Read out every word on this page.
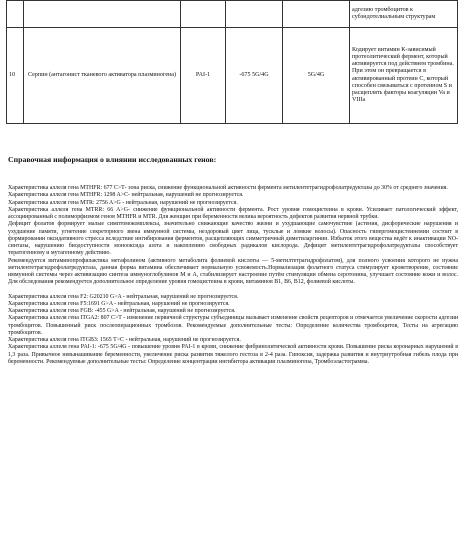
					адгезию тромбоцитов к субэндотелиальным структурам
10	Серпин (антагонист тканевого активатора плазминогена)	PAI-1	-675 5G/4G	5G/4G	Кодирует витамин К-зависимый протеолитический фермент, который активируется под действием тромбина. При этом он превращается в активированный протеин С, который способен связываться с протеином S и расщеплять факторы коагуляции Va и VIIIa
Справочная информация о влиянии исследованных генов:

Характеристика аллеля гена MTHFR: 677 С>Т- зона риска, снижение функциональной активности фермента метилентетрагидрофолатредуктазы до 30% от среднего значения.

Характеристика аллеля гена MTHFR: 1298 A>C- нейтральная, нарушений не прогнозируется.

Характеристика аллеля гена MTR: 2756 A>G - нейтральная, нарушений не прогнозируется.

Характеристика аллеля гена MTRR: 66 A>G- снижение функциональной активности фермента. Рост уровня гомоцистеина в крови. Усиливает патологический эффект, ассоциированный с полиморфизмом генов MTHFR и MTR. Для женщин при беременности велика вероятность дефектов развития нервной трубки.

Дефицит фолатов формирует малые симптомокомплексы, значительно снижающие качество жизни и ухудшающие самочувствие (астения, дисфорические нарушения и ухудшение памяти, угнетение секреторного звена иммунной системы, нездоровый цвет лица, тусклые и ломкие волосы). Опасность гипергомоцистеинемии состоит в формировании оксидативного стресса вследствие ингибирования ферментов, расщепляющих симметричный диметиларгинин. Избыток этого вещества ведёт к инактивации NO-синтазы, нарушению биодоступности монооксида азота и накоплению свободных радикалов кислорода. Дефицит метилентетрагидрофолатредуктазы способствует тератогенному и мутагенному действию.

Рекомендуется витаминопрофилактика метафолином (активного метаболита фолиевой кислоты — 5-метилтетрагидрофолатом), для полного усвоения которого не нужна метилентетрагидрофолатредуктаза, данная форма витамина обеспечивает нормальную усвояемость.Нормализация фолатного статуса стимулирует кроветворение, состояние иммунной системы через активизацию синтеза иммуноглобулинов М и А, стабилизирует настроение путём стимуляции обмена серотонина, улучшает состояние кожи и волос. Для обследования рекомендуется дополнительное определение уровня гомоцистеина в крови, витаминов В1, В6, В12, фолиевой кислоты.

Характеристика аллеля гена F2: G20210 G>A - нейтральная, нарушений не прогнозируется.

Характеристика аллеля гена F5:1691 G>A - нейтральная, нарушений не прогнозируется.

Характеристика аллеля гена FGB: -455 G>A - нейтральная, нарушений не прогнозируется.

Характеристика аллеля гена ITGA2: 807 C>T - изменение первичной структуры субъединицы вызывает изменение свойств рецепторов и отмечается увеличение скорости адгезии тромбоцитов. Повышенный риск послеоперационных тромбозов. Рекомендуемые дополнительные тесты: Определение количества тромбоцитов, Тесты на агрегацию тромбоцитов.

Характеристика аллеля гена ITGB3: 1565 T>C - нейтральная, нарушений не прогнозируется.

Характеристика аллеля гена PAI-1: -675 5G/4G - повышение уровня PAI-1 в крови, снижение фибринолитической активности крови. Повышение риска коронарных нарушений в 1,3 раза. Привычное невынашивание беременности, увеличение риска развития тяжелого гестоза в 2-4 раза. Гипоксия, задержка развития и внутриутробная гибель плода при беременности. Рекомендуемые дополнительные тесты: Определение концентрации ингибитора активации плазминогена, Тромбоэластограмма.
